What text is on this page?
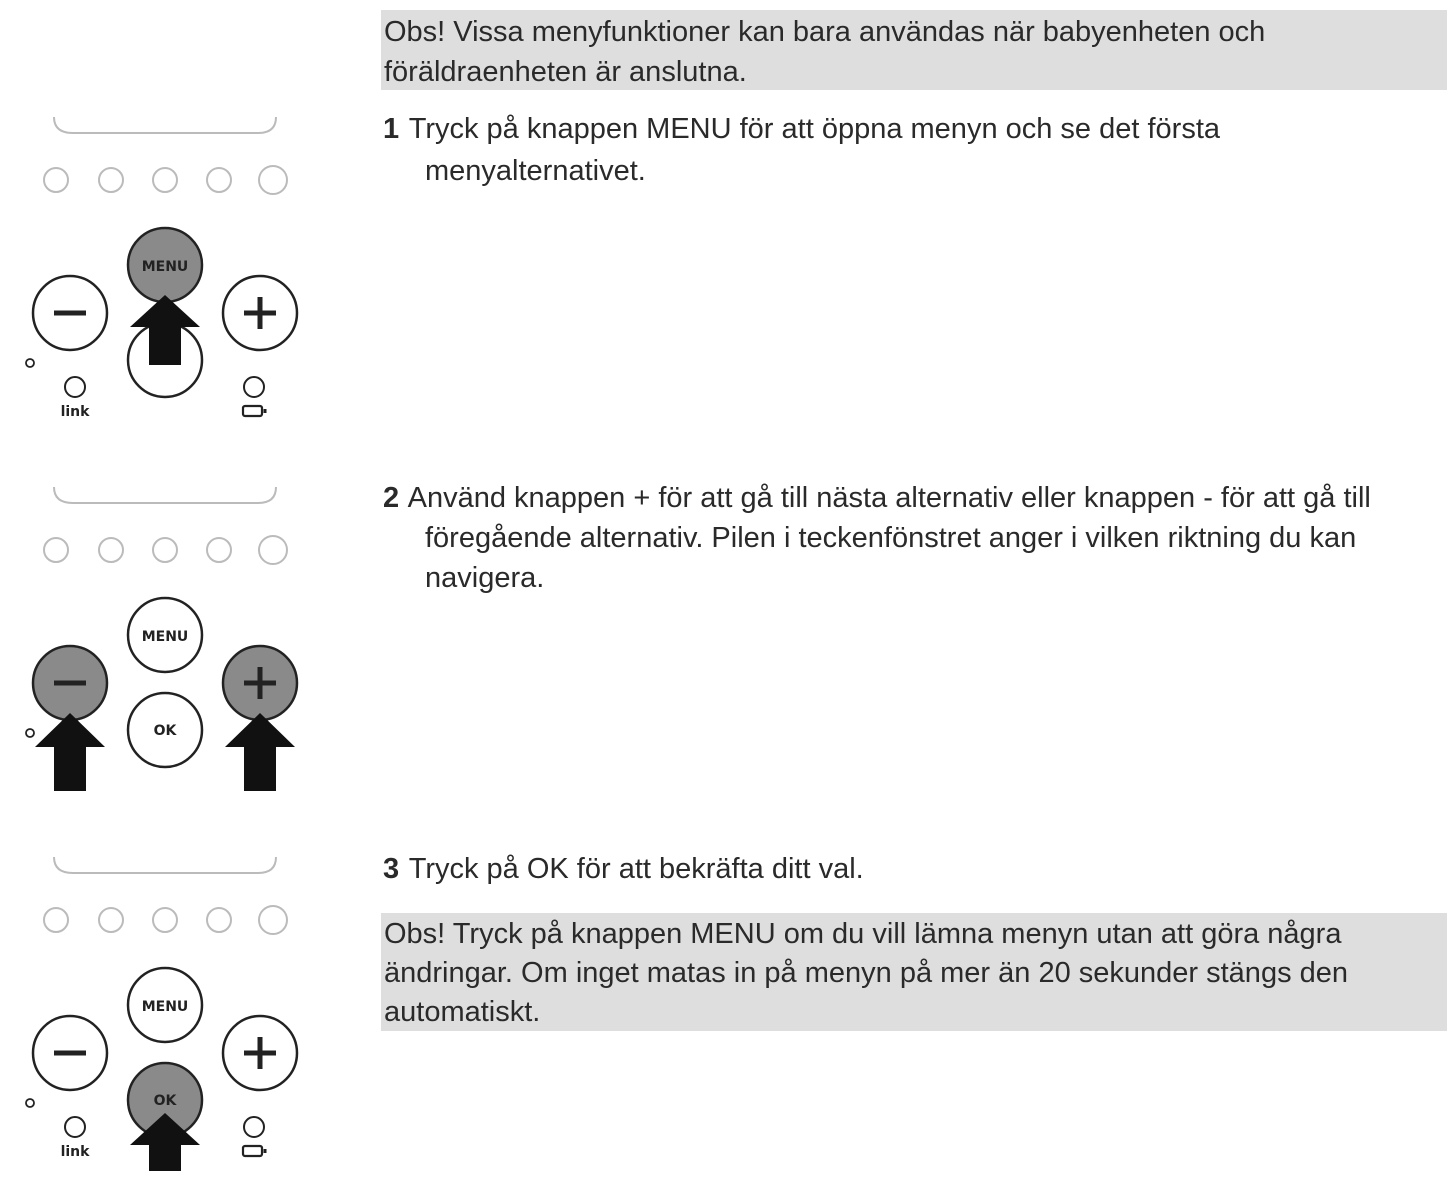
Obs! Vissa menyfunktioner kan bara användas när babyenheten och föräldraenheten är anslutna.
MENU
link
MENU
OK
MENU
OK
link
1 Tryck på knappen MENU för att öppna menyn och se det första menyalternativet.
2 Använd knappen + för att gå till nästa alternativ eller knappen - för att gå till föregående alternativ. Pilen i teckenfönstret anger i vilken riktning du kan navigera.
3 Tryck på OK för att bekräfta ditt val.
Obs! Tryck på knappen MENU om du vill lämna menyn utan att göra några ändringar. Om inget matas in på menyn på mer än 20 sekunder stängs den automatiskt.
